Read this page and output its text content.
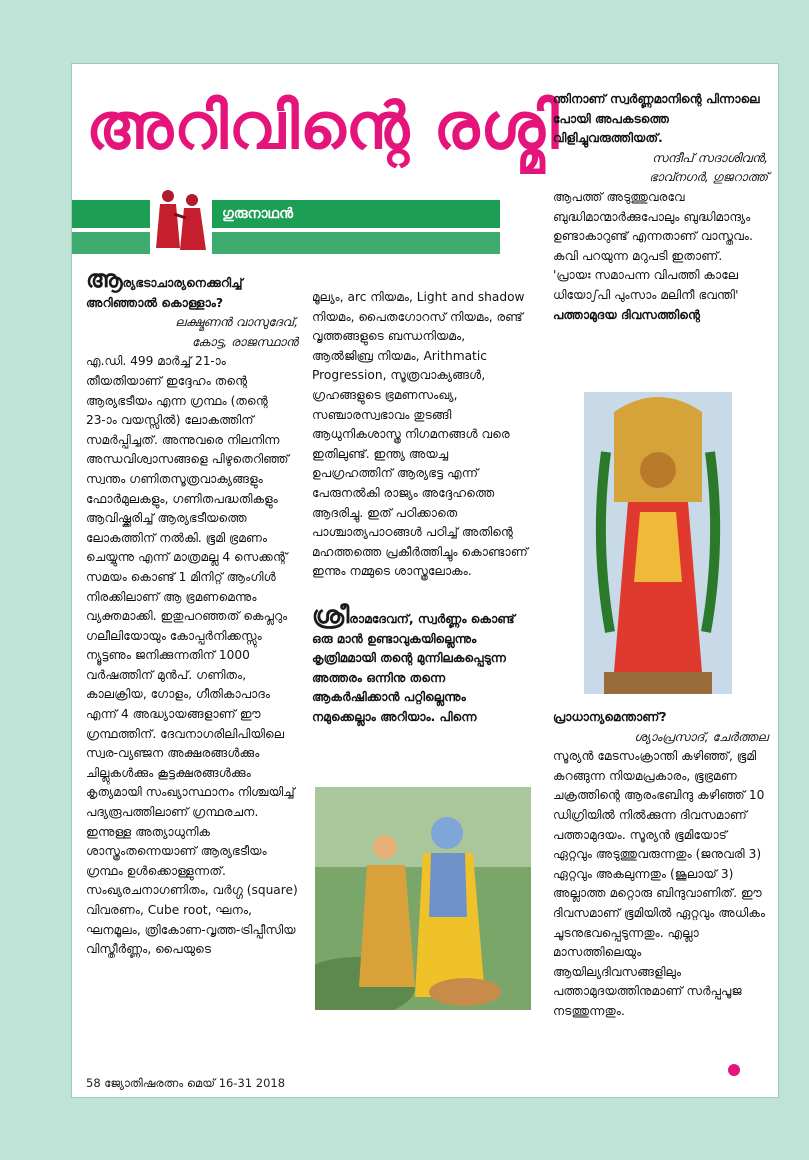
അറിവിന്റെ രശ്മി
ഗുരുനാഥൻ

ആര്യഭടാചാര്യനെക്കുറിച്ച് അറിഞ്ഞാൽ കൊള്ളാം?

ലക്ഷ്മണൻ വാസുദേവ്,

കോട്ട, രാജസ്ഥാൻ

എ.ഡി. 499 മാർച്ച് 21-ാം തീയതിയാണ് ഇദ്ദേഹം തന്റെ ആര്യഭടീയം എന്ന ഗ്രന്ഥം (തന്റെ 23-ാം വയസ്സിൽ) ലോകത്തിന് സമർപ്പിച്ചത്. അന്നുവരെ നിലനിന്ന അന്ധവിശ്വാസങ്ങളെ പിഴുതെറിഞ്ഞ് സ്വന്തം ഗണിതസൂത്രവാക്യങ്ങളും ഫോർമുലകളും, ഗണിതപദ്ധതികളും ആവിഷ്ക്കരിച്ച് ആര്യഭടീയത്തെ ലോകത്തിന് നൽകി. ഭൂമി ഭ്രമണം ചെയ്യുന്നു എന്ന് മാത്രമല്ല 4 സെക്കന്റ് സമയം കൊണ്ട് 1 മിനിറ്റ് ആംഗിൾ നിരക്കിലാണ് ആ ഭ്രമണമെന്നും വ്യക്തമാക്കി. ഇതുപറഞ്ഞത് കെപ്ലറും ഗലീലിയോയും കോപ്പർനിക്കസ്സും ന്യൂട്ടണും ജനിക്കുന്നതിന് 1000 വർഷത്തിന് മുൻപ്. ഗണിതം, കാലക്രിയ, ഗോളം, ഗീതികാപാദം എന്ന് 4 അദ്ധ്യായങ്ങളാണ് ഈ ഗ്രന്ഥത്തിന്. ദേവനാഗരിലിപിയിലെ സ്വര-വ്യഞ്ജന അക്ഷരങ്ങൾക്കും ചില്ലുകൾക്കും കൂട്ടക്ഷരങ്ങൾക്കും കൃത്യമായി സംഖ്യാസ്ഥാനം നിശ്ചയിച്ച് പദ്യരൂപത്തിലാണ് ഗ്രന്ഥരചന. ഇന്നുള്ള അത്യാധുനിക ശാസ്ത്രംതന്നെയാണ് ആര്യഭടീയം ഗ്രന്ഥം ഉൾക്കൊള്ളുന്നത്. സംഖ്യരചനാഗണിതം, വർഗ്ഗ (square) വിവരണം, Cube root, ഘനം, ഘനമൂലം, ത്രികോണ-വൃത്ത-ട്രിപ്പീസിയ വിസ്തീർണ്ണം, പൈയുടെ

മൂല്യം, arc നിയമം, Light and shadow നിയമം, പൈതഗോറസ് നിയമം, രണ്ട് വൃത്തങ്ങളുടെ ബന്ധനിയമം, ആൽജിബ്ര നിയമം, Arithmatic Progression, സൂത്രവാക്യങ്ങൾ, ഗ്രഹങ്ങളുടെ ഭ്രമണസംഖ്യ, സഞ്ചാരസ്വഭാവം തുടങ്ങി ആധുനികശാസ്ത്ര നിഗമനങ്ങൾ വരെ ഇതിലുണ്ട്. ഇന്ത്യ അയച്ച ഉപഗ്രഹത്തിന് ആര്യഭട്ട എന്ന് പേരുനൽകി രാജ്യം അദ്ദേഹത്തെ ആദരിച്ചു. ഇത് പഠിക്കാതെ പാശ്ചാത്യപാഠങ്ങൾ പഠിച്ച് അതിന്റെ മഹത്തത്തെ പ്രകീർത്തിച്ചും കൊണ്ടാണ് ഇന്നും നമ്മുടെ ശാസ്ത്രലോകം.

ശ്രീരാമദേവന്, സ്വർണ്ണം കൊണ്ട് ഒരു മാൻ ഉണ്ടാവുകയില്ലെന്നും കൃത്രിമമായി തന്റെ മുന്നിലകപ്പെടുന്ന അത്തരം ഒന്നിനു തന്നെ ആകർഷിക്കാൻ പറ്റില്ലെന്നും നമുക്കെല്ലാം അറിയാം. പിന്നെ

ന്തിനാണ് സ്വർണ്ണമാനിന്റെ പിന്നാലെ പോയി അപകടത്തെ വിളിച്ചുവരുത്തിയത്.

സന്ദീപ് സദാശിവൻ,

ഭാവ്നഗർ, ഗുജറാത്ത്

ആപത്ത് അടുത്തുവരവേ ബുദ്ധിമാന്മാർക്കുപോലും ബുദ്ധിമാന്ദ്യം ഉണ്ടാകാറുണ്ട് എന്നതാണ് വാസ്തവം. കവി പറയുന്ന മറുപടി ഇതാണ്.

'പ്രായഃ സമാപന്ന വിപത്തി കാലേ

ധിയോഽപി പുംസാം മലിനീ ഭവന്തി'

പത്താമുദയ ദിവസത്തിന്റെ

പ്രാധാന്യമെന്താണ്?

ശ്യാംപ്രസാദ്, ചേർത്തല

സൂര്യൻ മേടസംക്രാന്തി കഴിഞ്ഞ്, ഭൂമി കറങ്ങുന്ന നിയമപ്രകാരം, ഭൂഭ്രമണ ചക്രത്തിന്റെ ആരംഭബിന്ദു കഴിഞ്ഞ് 10 ഡിഗ്രിയിൽ നിൽക്കുന്ന ദിവസമാണ് പത്താമുദയം. സൂര്യൻ ഭൂമിയോട് ഏറ്റവും അടുത്തുവരുന്നതും (ജനുവരി 3) ഏറ്റവും അകലുന്നതും (ജൂലായ് 3) അല്ലാത്ത മറ്റൊരു ബിന്ദുവാണിത്. ഈ ദിവസമാണ് ഭൂമിയിൽ ഏറ്റവും അധികം ചൂടനുഭവപ്പെടുന്നതും. എല്ലാ മാസത്തിലെയും ആയില്യദിവസങ്ങളിലും പത്താമുദയത്തിനുമാണ് സർപ്പപൂജ നടത്തുന്നതും.

58 ജ്യോതിഷരത്നം മെയ് 16-31 2018
